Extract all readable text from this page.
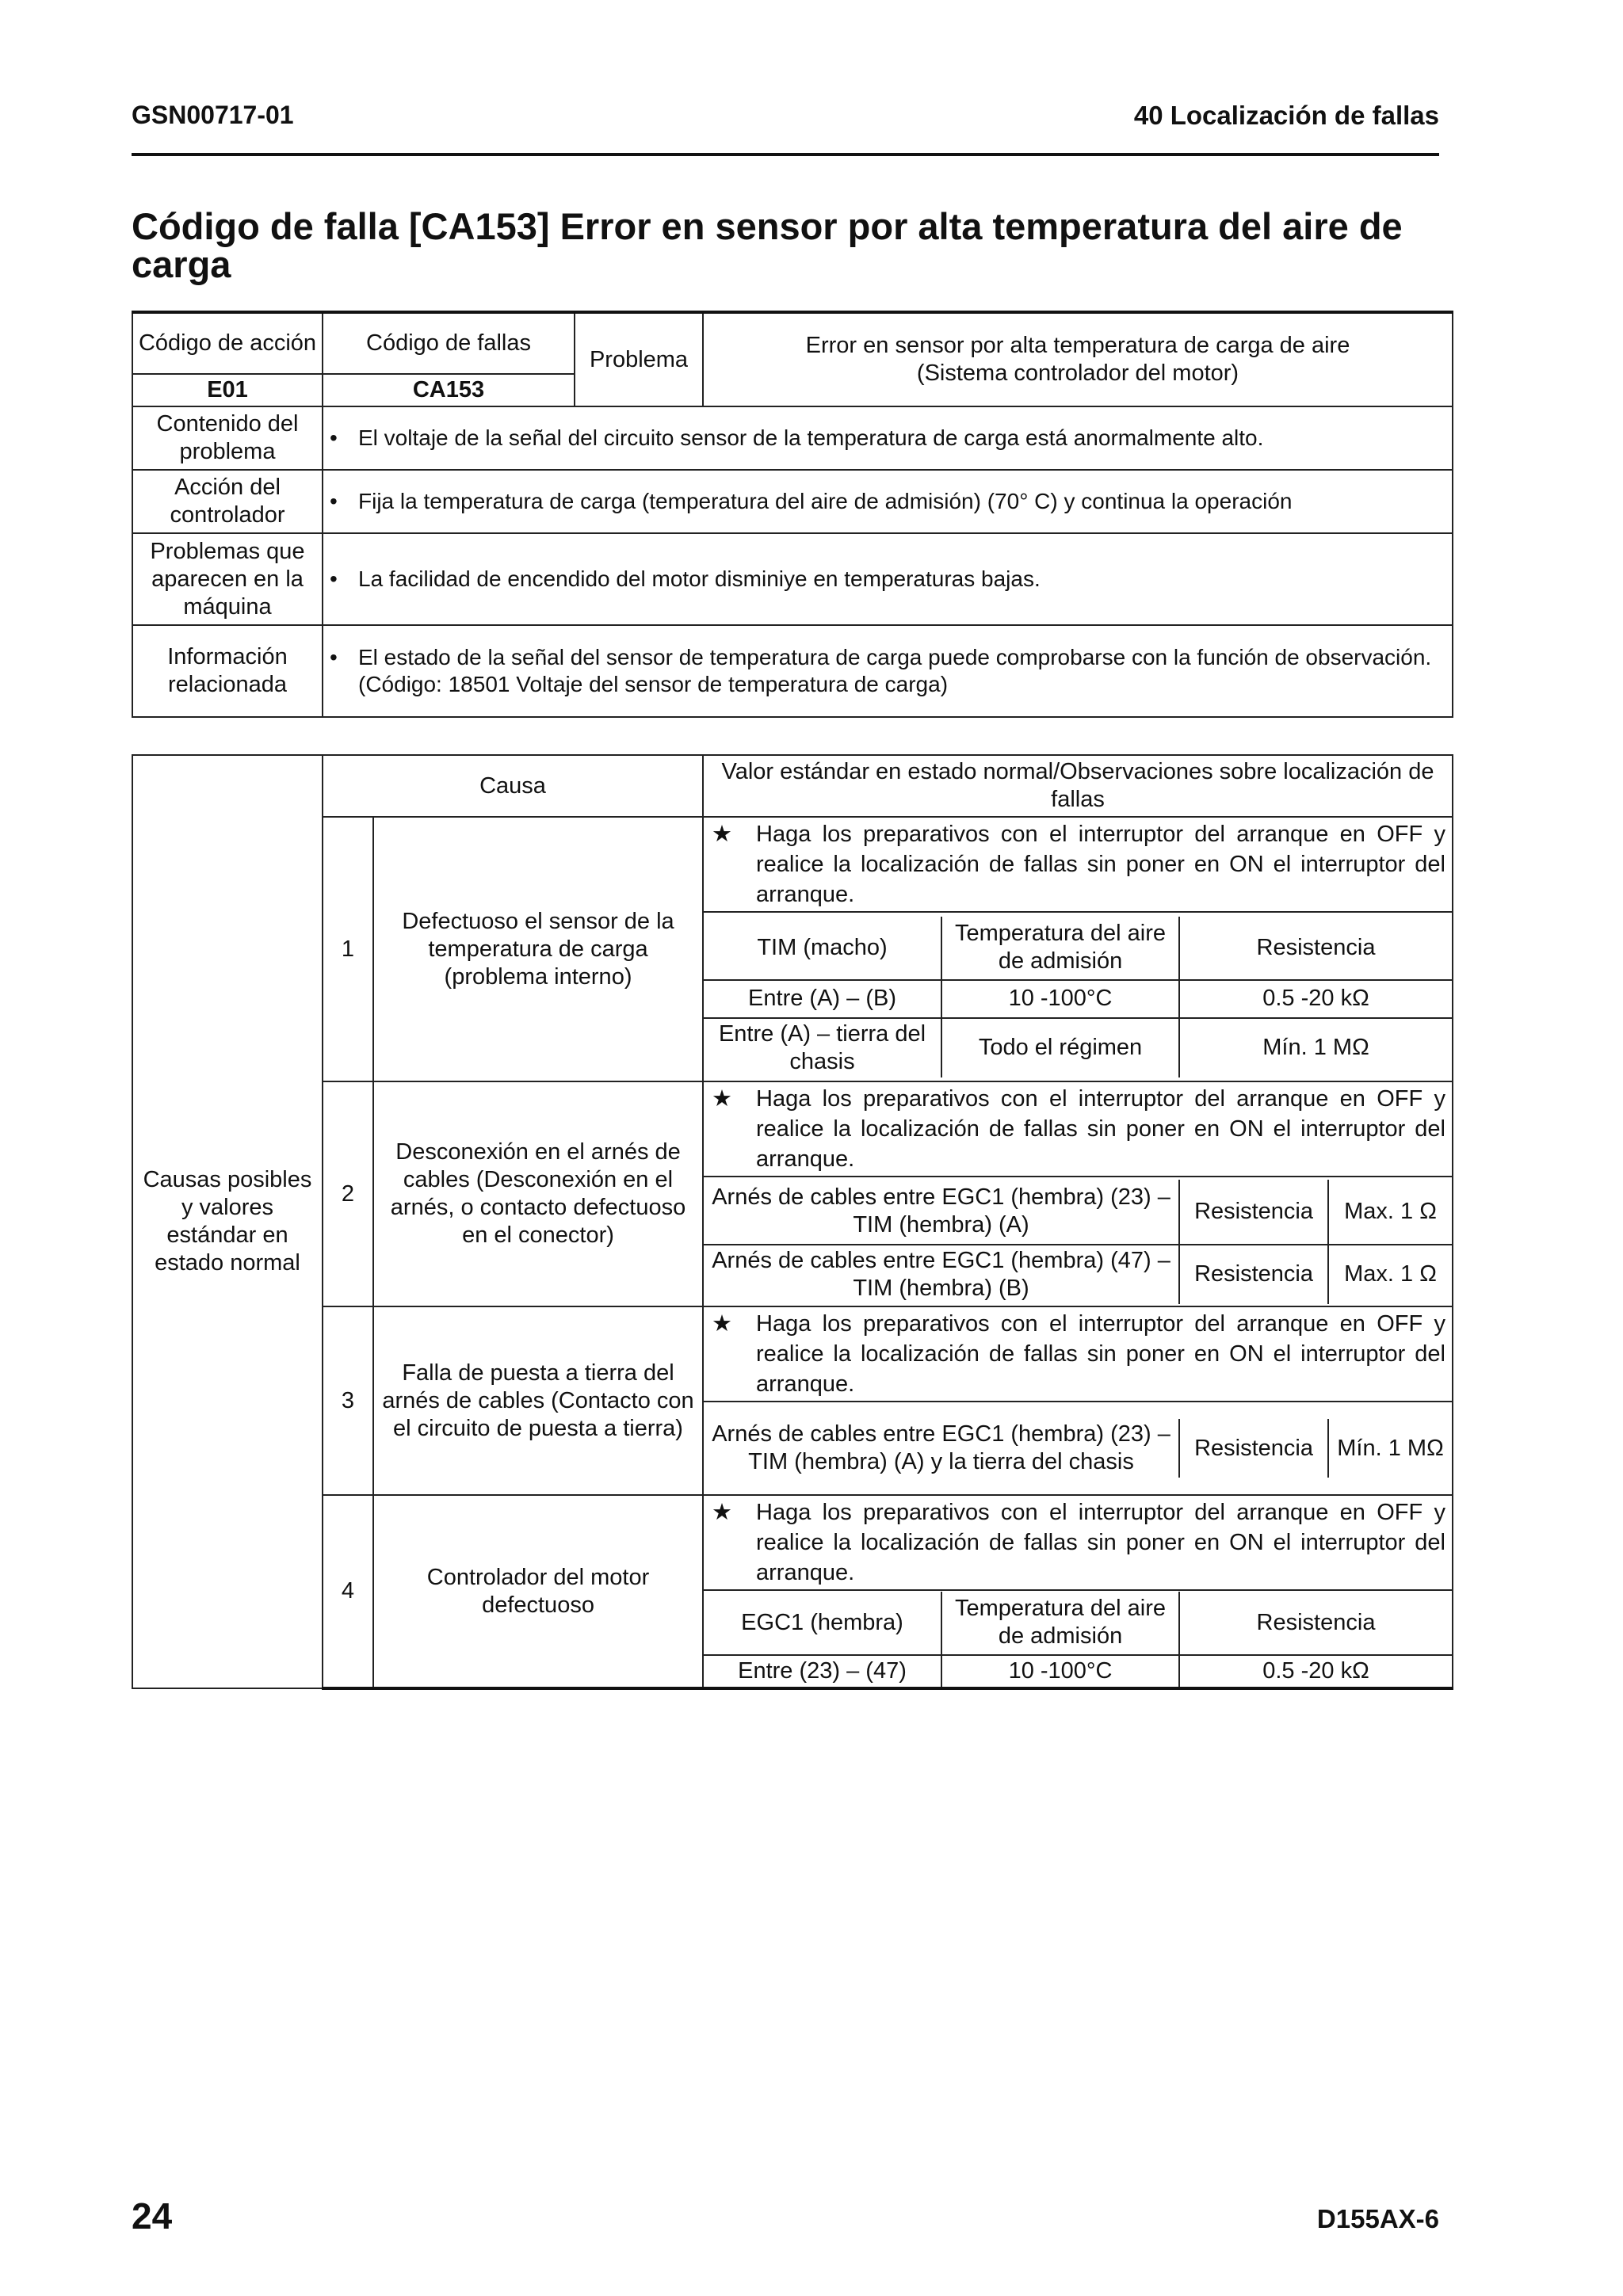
GSN00717-01	40 Localización de fallas
Código de falla [CA153] Error en sensor por alta temperatura del aire de carga
Código de acción	Código de fallas	Problema	Error en sensor por alta temperatura de carga de aire
(Sistema controlador del motor)

E01	CA153		
Contenido del problema	• El voltaje de la señal del circuito sensor de la temperatura de carga está anormalmente alto.		

Acción del controlador	• Fija la temperatura de carga (temperatura del aire de admisión) (70° C) y continua la operación		

Problemas que aparecen en la máquina	• La facilidad de encendido del motor disminiye en temperaturas bajas.		

Información relacionada	• El estado de la señal del sensor de temperatura de carga puede comprobarse con la función de observación.
(Código: 18501 Voltaje del sensor de temperatura de carga)		
Causas posibles y valores estándar en estado normal	Causa	Valor estándar en estado normal/Observaciones sobre localización de fallas
1	Defectuoso el sensor de la temperatura de carga (problema interno)	
★	Haga los preparativos con el interruptor del arranque en OFF y realice la localización de fallas sin poner en ON el interruptor del arranque.

TIM (macho)	Temperatura del aire de admisión	Resistencia
Entre (A) – (B)	10 -100°C	0.5 -20 kΩ
Entre (A) – tierra del chasis	Todo el régimen	Mín. 1 MΩ

2	Desconexión en el arnés de cables (Desconexión en el arnés, o contacto defectuoso en el conector)	
★	Haga los preparativos con el interruptor del arranque en OFF y realice la localización de fallas sin poner en ON el interruptor del arranque.

Arnés de cables entre EGC1 (hembra) (23) – TIM (hembra) (A)	Resistencia	Max. 1 Ω
Arnés de cables entre EGC1 (hembra) (47) – TIM (hembra) (B)	Resistencia	Max. 1 Ω

3	Falla de puesta a tierra del arnés de cables (Contacto con el circuito de puesta a tierra)	
★	Haga los preparativos con el interruptor del arranque en OFF y realice la localización de fallas sin poner en ON el interruptor del arranque.

Arnés de cables entre EGC1 (hembra) (23) – TIM (hembra) (A) y la tierra del chasis	Resistencia	Mín. 1 MΩ

4	Controlador del motor defectuoso	
★	Haga los preparativos con el interruptor del arranque en OFF y realice la localización de fallas sin poner en ON el interruptor del arranque.

EGC1 (hembra)	Temperatura del aire de admisión	Resistencia
Entre (23) – (47)	10 -100°C	0.5 -20 kΩ
24	D155AX-6
